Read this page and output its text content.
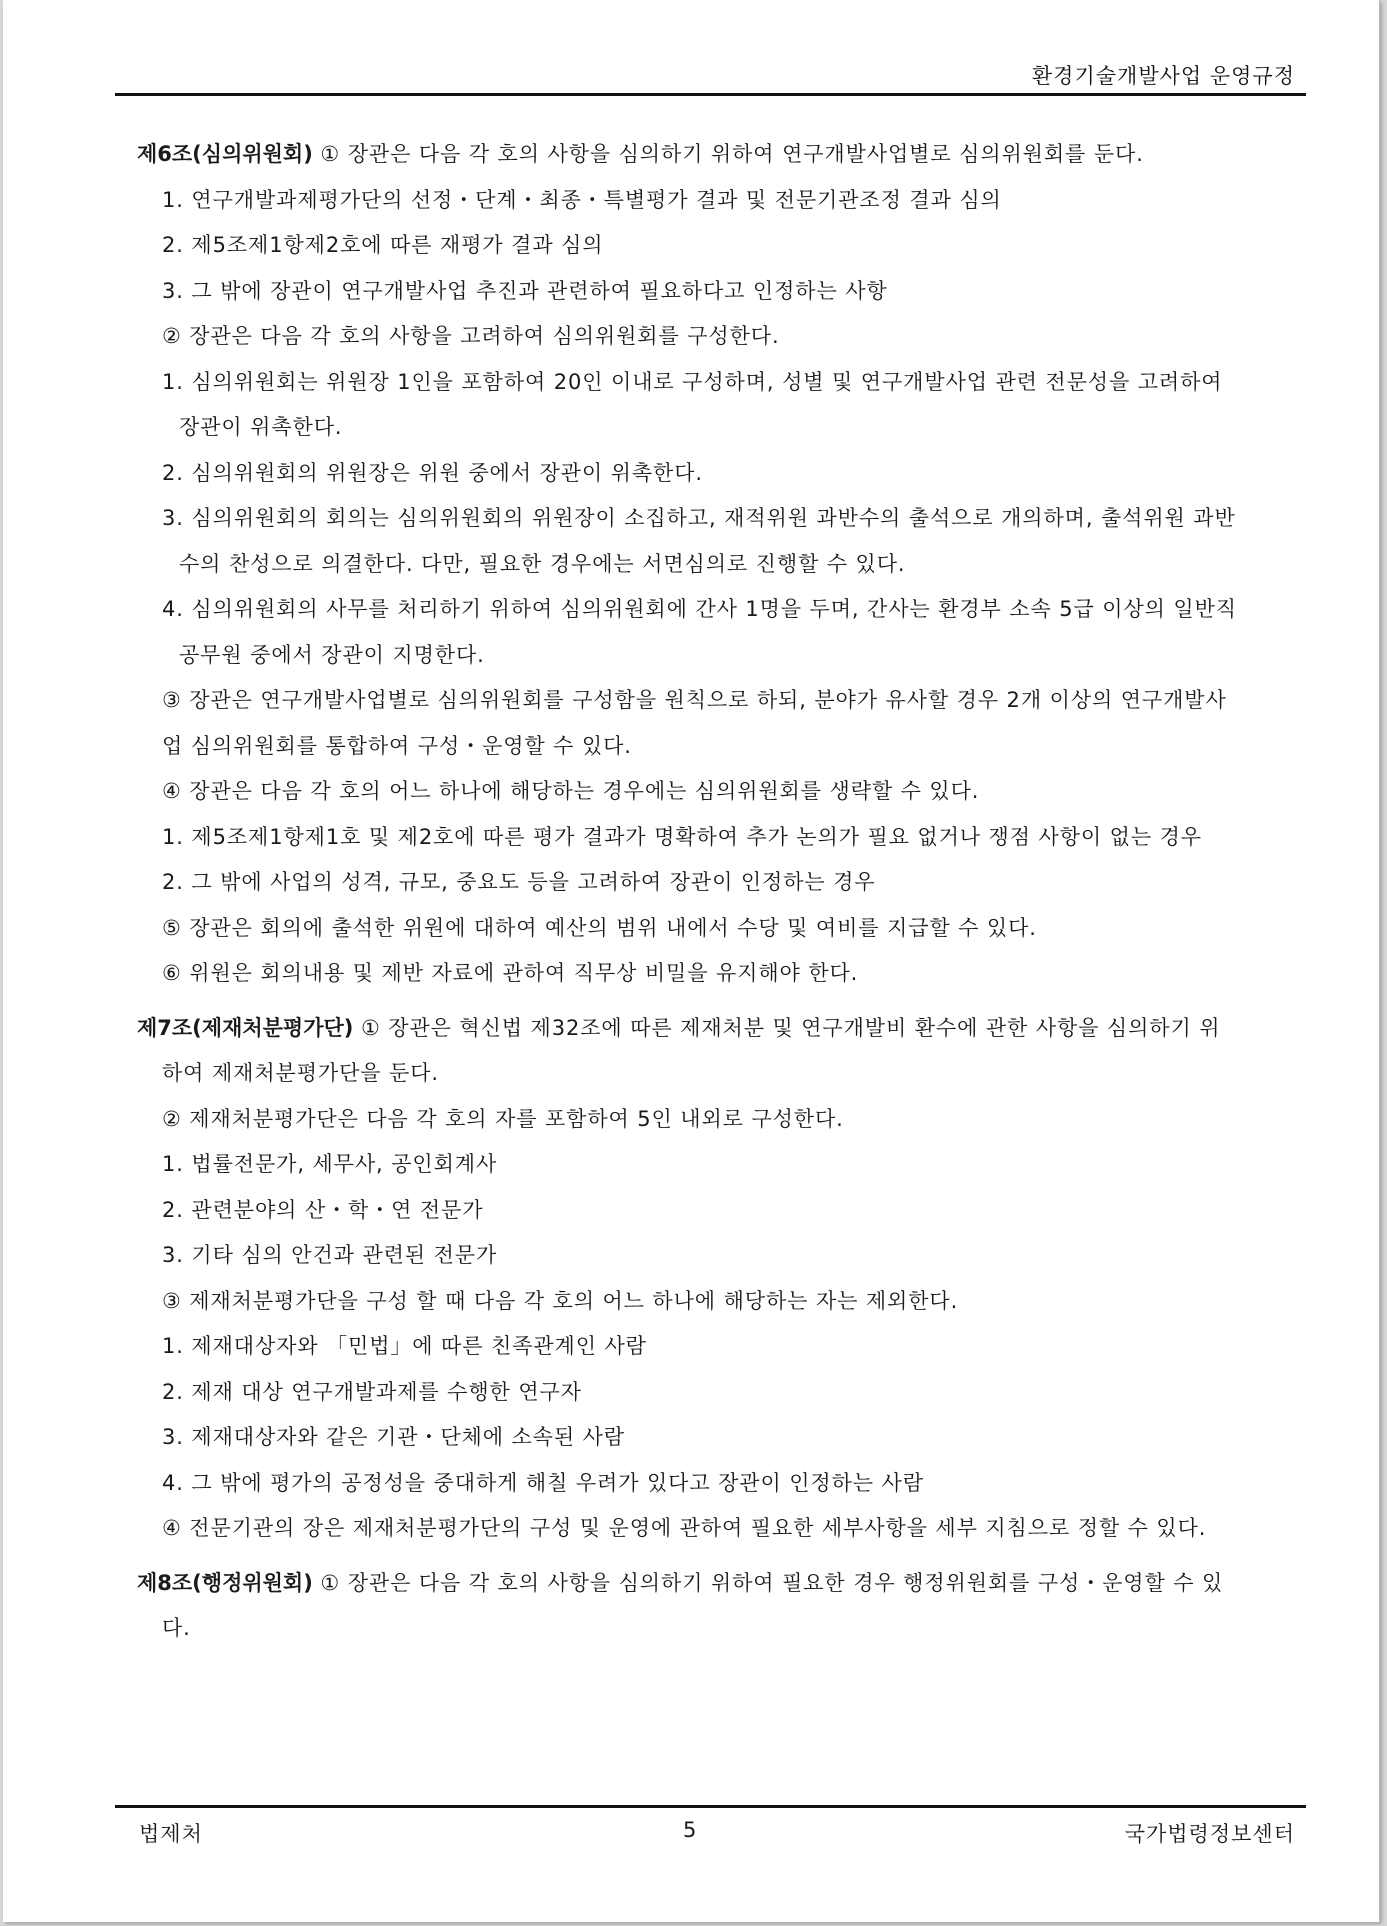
환경기술개발사업 운영규정
제6조(심의위원회) ① 장관은 다음 각 호의 사항을 심의하기 위하여 연구개발사업별로 심의위원회를 둔다.
1. 연구개발과제평가단의 선정・단계・최종・특별평가 결과 및 전문기관조정 결과 심의
2. 제5조제1항제2호에 따른 재평가 결과 심의
3. 그 밖에 장관이 연구개발사업 추진과 관련하여 필요하다고 인정하는 사항
② 장관은 다음 각 호의 사항을 고려하여 심의위원회를 구성한다.
1. 심의위원회는 위원장 1인을 포함하여 20인 이내로 구성하며, 성별 및 연구개발사업 관련 전문성을 고려하여
장관이 위촉한다.
2. 심의위원회의 위원장은 위원 중에서 장관이 위촉한다.
3. 심의위원회의 회의는 심의위원회의 위원장이 소집하고, 재적위원 과반수의 출석으로 개의하며, 출석위원 과반
수의 찬성으로 의결한다. 다만, 필요한 경우에는 서면심의로 진행할 수 있다.
4. 심의위원회의 사무를 처리하기 위하여 심의위원회에 간사 1명을 두며, 간사는 환경부 소속 5급 이상의 일반직
공무원 중에서 장관이 지명한다.
③ 장관은 연구개발사업별로 심의위원회를 구성함을 원칙으로 하되, 분야가 유사할 경우 2개 이상의 연구개발사
업 심의위원회를 통합하여 구성・운영할 수 있다.
④ 장관은 다음 각 호의 어느 하나에 해당하는 경우에는 심의위원회를 생략할 수 있다.
1. 제5조제1항제1호 및 제2호에 따른 평가 결과가 명확하여 추가 논의가 필요 없거나 쟁점 사항이 없는 경우
2. 그 밖에 사업의 성격, 규모, 중요도 등을 고려하여 장관이 인정하는 경우
⑤ 장관은 회의에 출석한 위원에 대하여 예산의 범위 내에서 수당 및 여비를 지급할 수 있다.
⑥ 위원은 회의내용 및 제반 자료에 관하여 직무상 비밀을 유지해야 한다.
제7조(제재처분평가단) ① 장관은 혁신법 제32조에 따른 제재처분 및 연구개발비 환수에 관한 사항을 심의하기 위
하여 제재처분평가단을 둔다.
② 제재처분평가단은 다음 각 호의 자를 포함하여 5인 내외로 구성한다.
1. 법률전문가, 세무사, 공인회계사
2. 관련분야의 산・학・연 전문가
3. 기타 심의 안건과 관련된 전문가
③ 제재처분평가단을 구성 할 때 다음 각 호의 어느 하나에 해당하는 자는 제외한다.
1. 제재대상자와 「민법」에 따른 친족관계인 사람
2. 제재 대상 연구개발과제를 수행한 연구자
3. 제재대상자와 같은 기관・단체에 소속된 사람
4. 그 밖에 평가의 공정성을 중대하게 해칠 우려가 있다고 장관이 인정하는 사람
④ 전문기관의 장은 제재처분평가단의 구성 및 운영에 관하여 필요한 세부사항을 세부 지침으로 정할 수 있다.
제8조(행정위원회) ① 장관은 다음 각 호의 사항을 심의하기 위하여 필요한 경우 행정위원회를 구성・운영할 수 있
다.
법제처	5	국가법령정보센터
